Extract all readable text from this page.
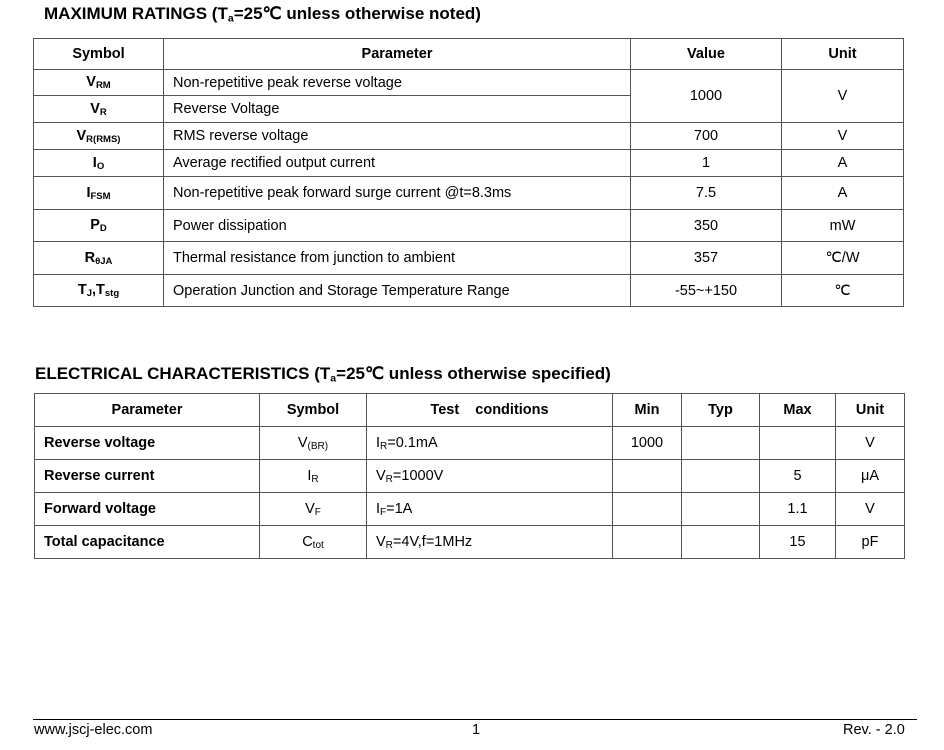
MAXIMUM RATINGS ($T_a=25℃$ unless otherwise noted)
Symbol	Parameter	Value	Unit
$V_{RM}$	Non-repetitive peak reverse voltage	1000	V
$V_R$	Reverse Voltage		
$V_{R(RMS)}$	RMS reverse voltage	700	V
$I_O$	Average rectified output current	1	A
$I_{FSM}$	Non-repetitive peak forward surge current @t=8.3ms	7.5	A
$P_D$	Power dissipation	350	mW
$R_{\theta JA}$	Thermal resistance from junction to ambient	357	℃/W
$T_J,T_{stg}$	Operation Junction and Storage Temperature Range	-55~+150	℃
ELECTRICAL CHARACTERISTICS ($T_a=25℃$ unless otherwise specified)
Parameter	Symbol	Test    conditions	Min	Typ	Max	Unit
Reverse voltage	$V_{(BR)}$	$I_R=0.1mA$	1000			V
Reverse current	$I_R$	$V_R=1000V$			5	μA
Forward voltage	$V_F$	$I_F=1A$			1.1	V
Total capacitance	$C_{tot}$	$V_R=4V,f=1MHz$			15	pF
www.jscj-elec.com	1	Rev. - 2.0
